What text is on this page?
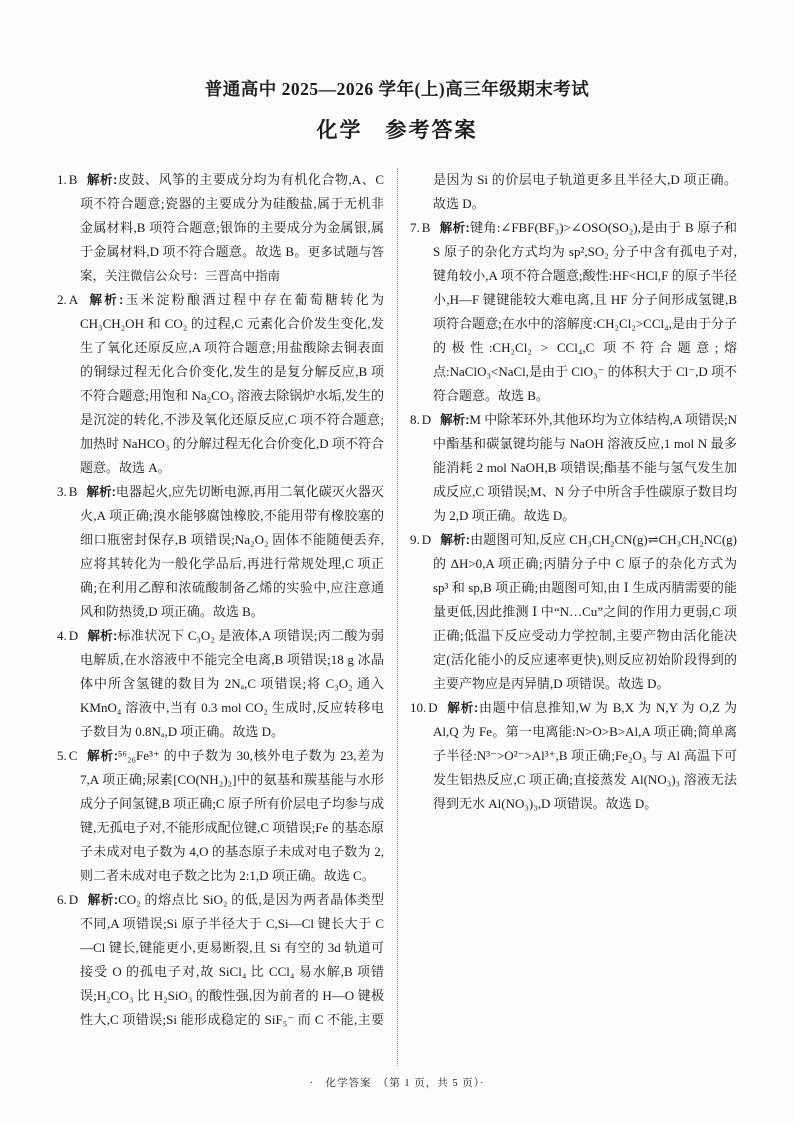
普通高中 2025—2026 学年(上)高三年级期末考试
化学　参考答案
1. B 解析:皮鼓、风筝的主要成分均为有机化合物,A、C 项不符合题意;瓷器的主要成分为硅酸盐,属于无机非金属材料,B 项符合题意;银饰的主要成分为金属银,属于金属材料,D 项不符合题意。故选 B。更多试题与答案，关注微信公众号：三晋高中指南
2. A 解析:玉米淀粉酿酒过程中存在葡萄糖转化为 CH₃CH₂OH 和 CO₂ 的过程,C 元素化合价发生变化,发生了氧化还原反应,A 项符合题意;用盐酸除去铜表面的铜绿过程无化合价变化,发生的是复分解反应,B 项不符合题意;用饱和 Na₂CO₃ 溶液去除锅炉水垢,发生的是沉淀的转化,不涉及氧化还原反应,C 项不符合题意;加热时 NaHCO₃ 的分解过程无化合价变化,D 项不符合题意。故选 A。
3. B 解析:电器起火,应先切断电源,再用二氧化碳灭火器灭火,A 项正确;溴水能够腐蚀橡胶,不能用带有橡胶塞的细口瓶密封保存,B 项错误;Na₂O₂ 固体不能随便丢弃,应将其转化为一般化学品后,再进行常规处理,C 项正确;在利用乙醇和浓硫酸制备乙烯的实验中,应注意通风和防热烫,D 项正确。故选 B。
4. D 解析:标准状况下 C₃O₂ 是液体,A 项错误;丙二酸为弱电解质,在水溶液中不能完全电离,B 项错误;18 g 冰晶体中所含氢键的数目为 2Nₐ,C 项错误;将 C₃O₂ 通入 KMnO₄ 溶液中,当有 0.3 mol CO₂ 生成时,反应转移电子数目为 0.8Nₐ,D 项正确。故选 D。
5. C 解析:⁵⁶₂₆Fe³⁺ 的中子数为 30,核外电子数为 23,差为 7,A 项正确;尿素[CO(NH₂)₂]中的氨基和羰基能与水形成分子间氢键,B 项正确;C 原子所有价层电子均参与成键,无孤电子对,不能形成配位键,C 项错误;Fe 的基态原子未成对电子数为 4,O 的基态原子未成对电子数为 2,则二者未成对电子数之比为 2:1,D 项正确。故选 C。
6. D 解析:CO₂ 的熔点比 SiO₂ 的低,是因为两者晶体类型不同,A 项错误;Si 原子半径大于 C,Si—Cl 键长大于 C—Cl 键长,键能更小,更易断裂,且 Si 有空的 3d 轨道可接受 O 的孤电子对,故 SiCl₄ 比 CCl₄ 易水解,B 项错误;H₂CO₃ 比 H₂SiO₃ 的酸性强,因为前者的 H—O 键极性大,C 项错误;Si 能形成稳定的 SiF₅⁻ 而 C 不能,主要是因为 Si 的价层电子轨道更多且半径大,D 项正确。故选 D。
7. B 解析:键角:∠FBF(BF₃)>∠OSO(SO₂),是由于 B 原子和 S 原子的杂化方式均为 sp²,SO₂ 分子中含有孤电子对,键角较小,A 项不符合题意;酸性:HF<HCl,F 的原子半径小,H—F 键键能较大难电离,且 HF 分子间形成氢键,B 项符合题意;在水中的溶解度:CH₂Cl₂>CCl₄,是由于分子的极性:CH₂Cl₂ > CCl₄,C 项不符合题意;熔点:NaClO₃<NaCl,是由于 ClO₃⁻ 的体积大于 Cl⁻,D 项不符合题意。故选 B。
8. D 解析:M 中除苯环外,其他环均为立体结构,A 项错误;N 中酯基和碳氯键均能与 NaOH 溶液反应,1 mol N 最多能消耗 2 mol NaOH,B 项错误;酯基不能与氢气发生加成反应,C 项错误;M、N 分子中所含手性碳原子数目均为 2,D 项正确。故选 D。
9. D 解析:由题图可知,反应 CH₃CH₂CN(g)⇌CH₃CH₂NC(g)的 ΔH>0,A 项正确;丙腈分子中 C 原子的杂化方式为 sp³ 和 sp,B 项正确;由题图可知,由 Ⅰ 生成丙腈需要的能量更低,因此推测 Ⅰ 中“N…Cu”之间的作用力更弱,C 项正确;低温下反应受动力学控制,主要产物由活化能决定(活化能小的反应速率更快),则反应初始阶段得到的主要产物应是丙异腈,D 项错误。故选 D。
10. D 解析:由题中信息推知,W 为 B,X 为 N,Y 为 O,Z 为 Al,Q 为 Fe。第一电离能:N>O>B>Al,A 项正确;简单离子半径:N³⁻>O²⁻>Al³⁺,B 项正确;Fe₂O₃ 与 Al 高温下可发生铝热反应,C 项正确;直接蒸发 Al(NO₃)₃ 溶液无法得到无水 Al(NO₃)₃,D 项错误。故选 D。
·　化学答案　（第 1 页，共 5 页）·
